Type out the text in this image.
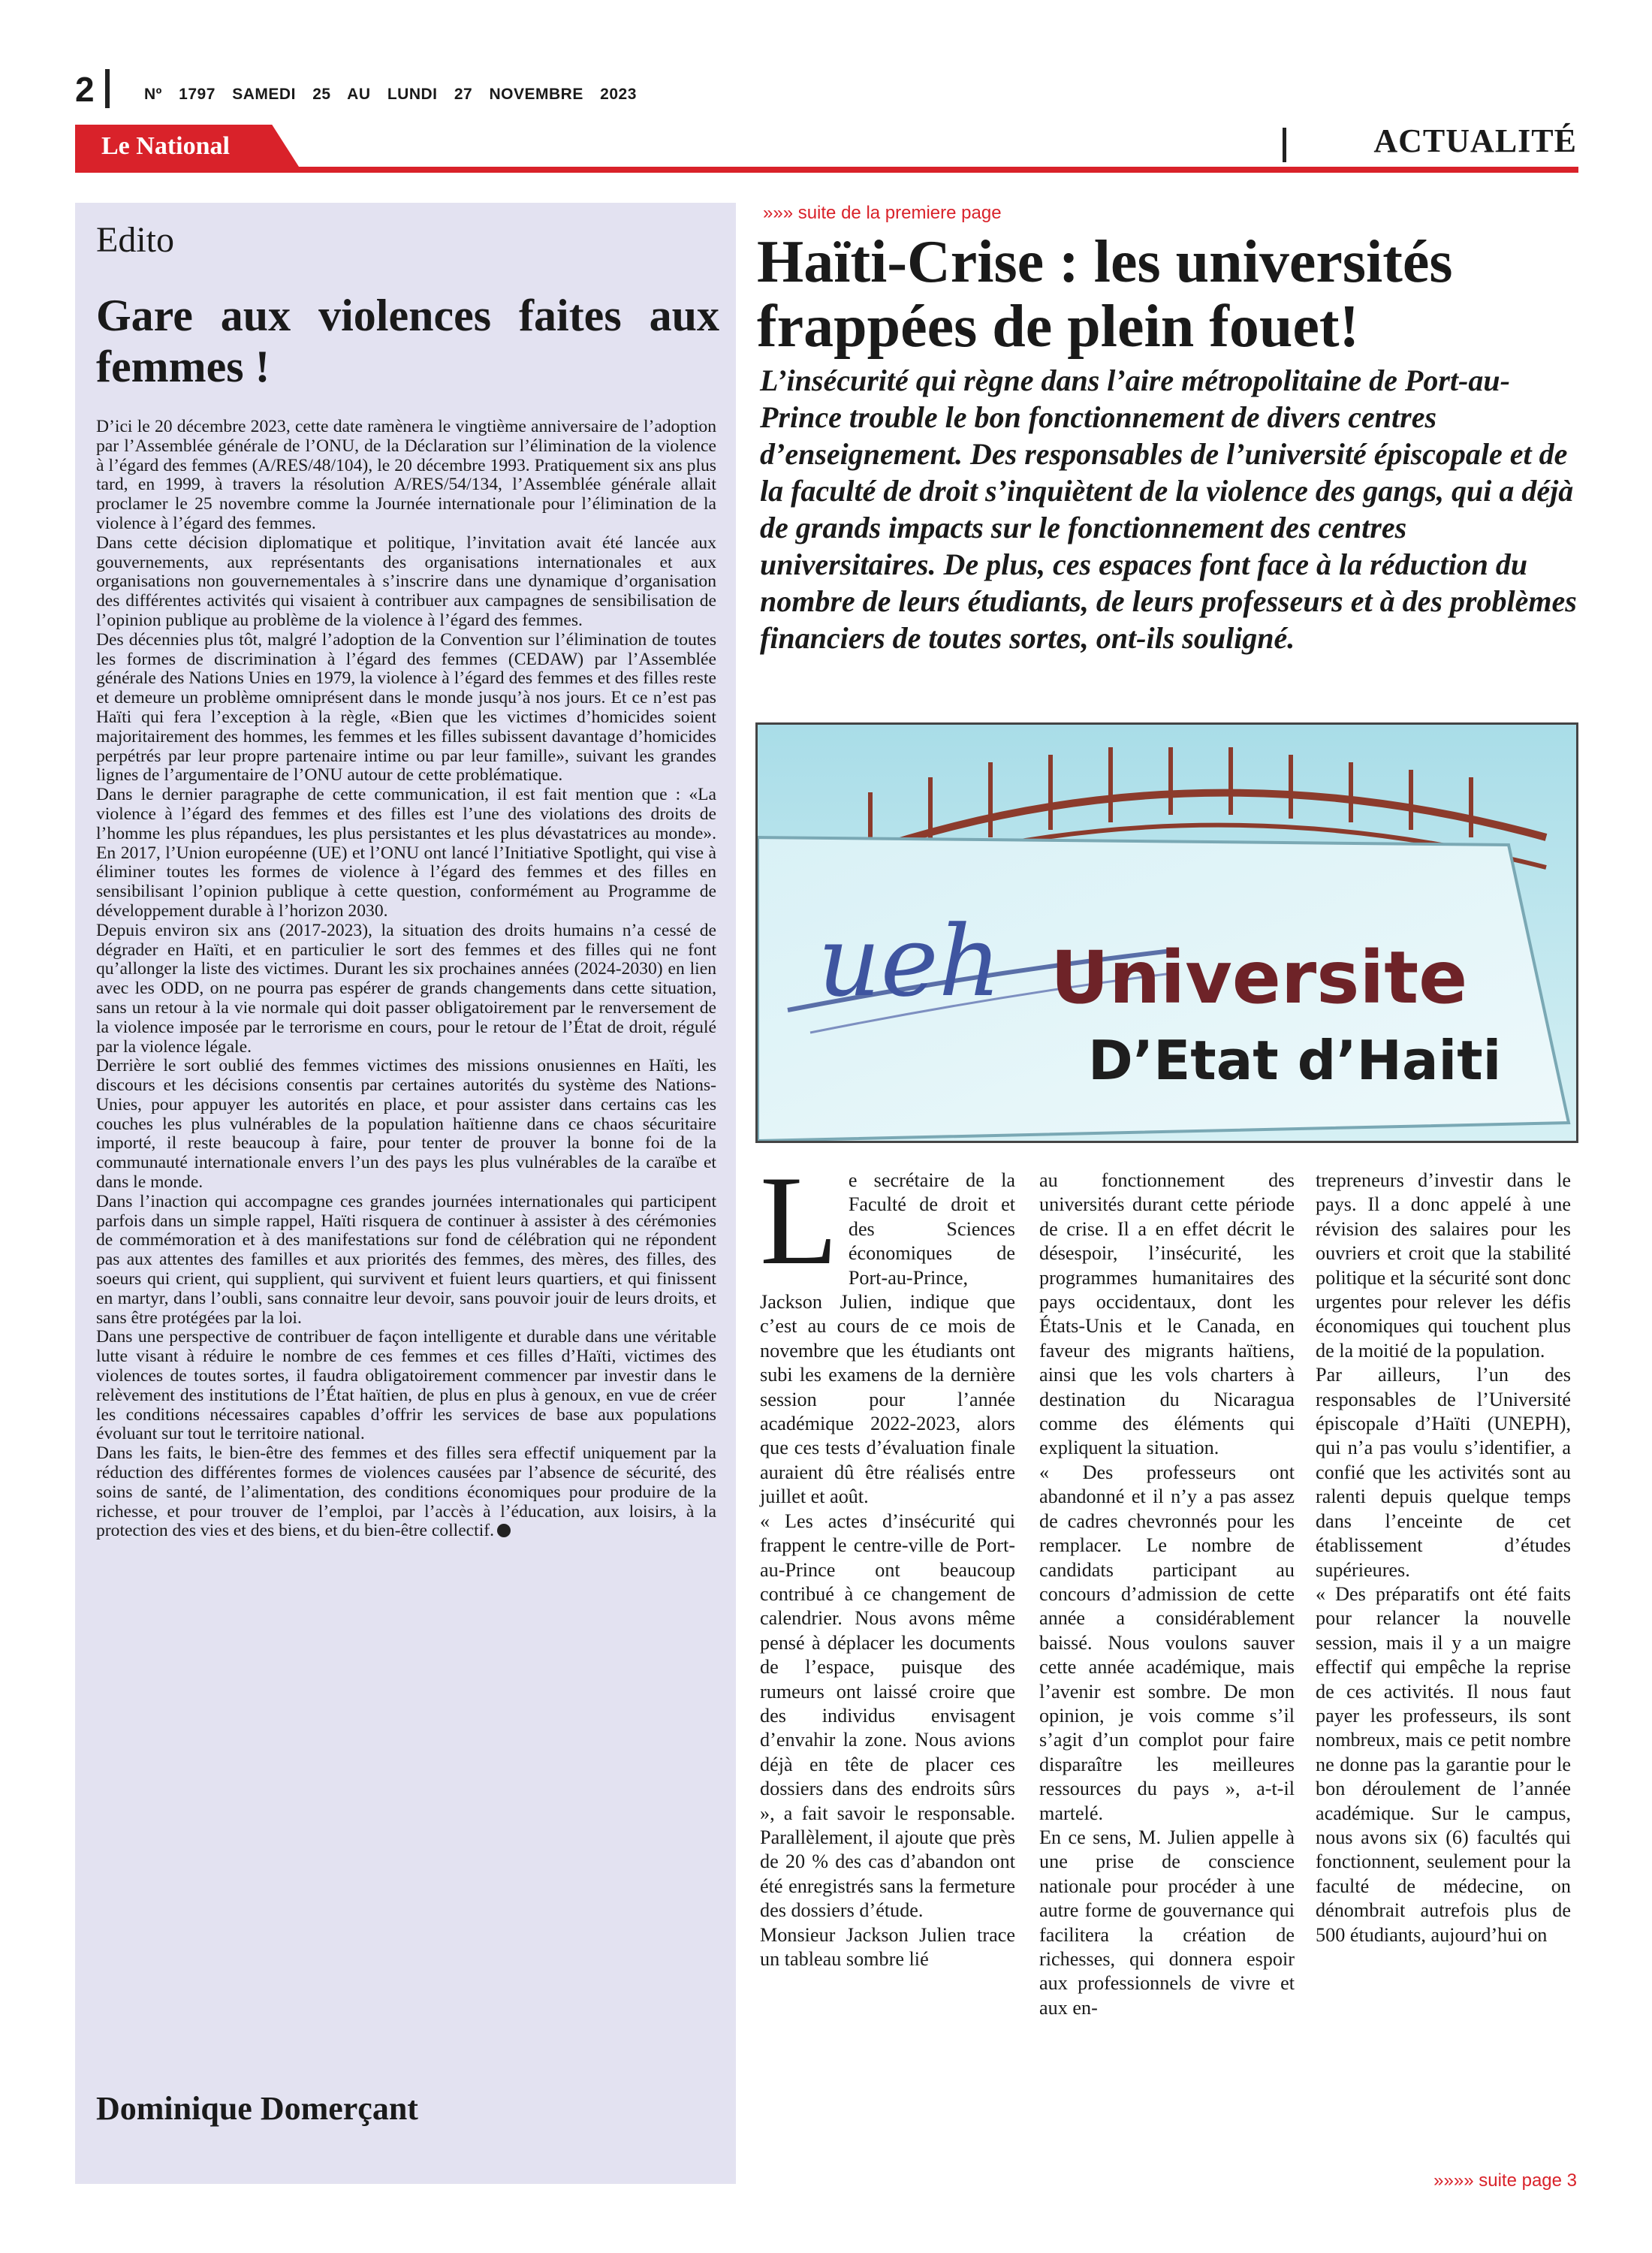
2	Nº 1797 SAMEDI 25 AU LUNDI 27 NOVEMBRE 2023
Le National	ACTUALITÉ
Edito
Gare aux violences faites aux femmes !

D’ici le 20 décembre 2023, cette date ramènera le vingtième anniversaire de l’adoption par l’Assemblée générale de l’ONU, de la Déclaration sur l’élimination de la violence à l’égard des femmes (A/RES/48/104), le 20 décembre 1993. Pratiquement six ans plus tard, en 1999, à travers la résolution A/RES/54/134, l’Assemblée générale allait proclamer le 25 novembre comme la Journée internationale pour l’élimination de la violence à l’égard des femmes.

Dans cette décision diplomatique et politique, l’invitation avait été lancée aux gouvernements, aux représentants des organisations internationales et aux organisations non gouvernementales à s’inscrire dans une dynamique d’organisation des différentes activités qui visaient à contribuer aux campagnes de sensibilisation de l’opinion publique au problème de la violence à l’égard des femmes.

Des décennies plus tôt, malgré l’adoption de la Convention sur l’élimination de toutes les formes de discrimination à l’égard des femmes (CEDAW) par l’Assemblée générale des Nations Unies en 1979, la violence à l’égard des femmes et des filles reste et demeure un problème omniprésent dans le monde jusqu’à nos jours. Et ce n’est pas Haïti qui fera l’exception à la règle, «Bien que les victimes d’homicides soient majoritairement des hommes, les femmes et les filles subissent davantage d’homicides perpétrés par leur propre partenaire intime ou par leur famille», suivant les grandes lignes de l’argumentaire de l’ONU autour de cette problématique.

Dans le dernier paragraphe de cette communication, il est fait mention que : «La violence à l’égard des femmes et des filles est l’une des violations des droits de l’homme les plus répandues, les plus persistantes et les plus dévastatrices au monde». En 2017, l’Union européenne (UE) et l’ONU ont lancé l’Initiative Spotlight, qui vise à éliminer toutes les formes de violence à l’égard des femmes et des filles en sensibilisant l’opinion publique à cette question, conformément au Programme de développement durable à l’horizon 2030.

Depuis environ six ans (2017-2023), la situation des droits humains n’a cessé de dégrader en Haïti, et en particulier le sort des femmes et des filles qui ne font qu’allonger la liste des victimes. Durant les six prochaines années (2024-2030) en lien avec les ODD, on ne pourra pas espérer de grands changements dans cette situation, sans un retour à la vie normale qui doit passer obligatoirement par le renversement de la violence imposée par le terrorisme en cours, pour le retour de l’État de droit, régulé par la violence légale.

Derrière le sort oublié des femmes victimes des missions onusiennes en Haïti, les discours et les décisions consentis par certaines autorités du système des Nations-Unies, pour appuyer les autorités en place, et pour assister dans certains cas les couches les plus vulnérables de la population haïtienne dans ce chaos sécuritaire importé, il reste beaucoup à faire, pour tenter de prouver la bonne foi de la communauté internationale envers l’un des pays les plus vulnérables de la caraïbe et dans le monde.

Dans l’inaction qui accompagne ces grandes journées internationales qui participent parfois dans un simple rappel, Haïti risquera de continuer à assister à des cérémonies de commémoration et à des manifestations sur fond de célébration qui ne répondent pas aux attentes des familles et aux priorités des femmes, des mères, des filles, des soeurs qui crient, qui supplient, qui survivent et fuient leurs quartiers, et qui finissent en martyr, dans l’oubli, sans connaitre leur devoir, sans pouvoir jouir de leurs droits, et sans être protégées par la loi.

Dans une perspective de contribuer de façon intelligente et durable dans une véritable lutte visant à réduire le nombre de ces femmes et ces filles d’Haïti, victimes des violences de toutes sortes, il faudra obligatoirement commencer par investir dans le relèvement des institutions de l’État haïtien, de plus en plus à genoux, en vue de créer les conditions nécessaires capables d’offrir les services de base aux populations évoluant sur tout le territoire national.

Dans les faits, le bien-être des femmes et des filles sera effectif uniquement par la réduction des différentes formes de violences causées par l’absence de sécurité, des soins de santé, de l’alimentation, des conditions économiques pour produire de la richesse, et pour trouver de l’emploi, par l’accès à l’éducation, aux loisirs, à la protection des vies et des biens, et du bien-être collectif.

Dominique Domerçant
»»» suite de la premiere page
Haïti-Crise : les universités frappées de plein fouet!
L’insécurité qui règne dans l’aire métropolitaine de Port-au-Prince trouble le bon fonctionnement de divers centres d’enseignement. Des responsables de l’université épiscopale et de la faculté de droit s’inquiètent de la violence des gangs, qui a déjà de grands impacts sur le fonctionnement des centres universitaires. De plus, ces espaces font face à la réduction du nombre de leurs étudiants, de leurs professeurs et à des problèmes financiers de toutes sortes, ont-ils souligné.
ueh Universite
D’Etat d’Haiti

Le secrétaire de la Faculté de droit et des Sciences économiques de Port-au-Prince, Jackson Julien, indique que c’est au cours de ce mois de novembre que les étudiants ont subi les examens de la dernière session pour l’année académique 2022-2023, alors que ces tests d’évaluation finale auraient dû être réalisés entre juillet et août.

« Les actes d’insécurité qui frappent le centre-ville de Port-au-Prince ont beaucoup contribué à ce changement de calendrier. Nous avons même pensé à déplacer les documents de l’espace, puisque des rumeurs ont laissé croire que des individus envisagent d’envahir la zone. Nous avions déjà en tête de placer ces dossiers dans des endroits sûrs », a fait savoir le responsable. Parallèlement, il ajoute que près de 20 % des cas d’abandon ont été enregistrés sans la fermeture des dossiers d’étude.

Monsieur Jackson Julien trace un tableau sombre lié

au fonctionnement des universités durant cette période de crise. Il a en effet décrit le désespoir, l’insécurité, les programmes humanitaires des pays occidentaux, dont les États-Unis et le Canada, en faveur des migrants haïtiens, ainsi que les vols charters à destination du Nicaragua comme des éléments qui expliquent la situation.

« Des professeurs ont abandonné et il n’y a pas assez de cadres chevronnés pour les remplacer. Le nombre de candidats participant au concours d’admission de cette année a considérablement baissé. Nous voulons sauver cette année académique, mais l’avenir est sombre. De mon opinion, je vois comme s’il s’agit d’un complot pour faire disparaître les meilleures ressources du pays », a-t-il martelé.

En ce sens, M. Julien appelle à une prise de conscience nationale pour procéder à une autre forme de gouvernance qui facilitera la création de richesses, qui donnera espoir aux professionnels de vivre et aux en-

trepreneurs d’investir dans le pays. Il a donc appelé à une révision des salaires pour les ouvriers et croit que la stabilité politique et la sécurité sont donc urgentes pour relever les défis économiques qui touchent plus de la moitié de la population.

Par ailleurs, l’un des responsables de l’Université épiscopale d’Haïti (UNEPH), qui n’a pas voulu s’identifier, a confié que les activités sont au ralenti depuis quelque temps dans l’enceinte de cet établissement d’études supérieures.

« Des préparatifs ont été faits pour relancer la nouvelle session, mais il y a un maigre effectif qui empêche la reprise de ces activités. Il nous faut payer les professeurs, ils sont nombreux, mais ce petit nombre ne donne pas la garantie pour le bon déroulement de l’année académique. Sur le campus, nous avons six (6) facultés qui fonctionnent, seulement pour la faculté de médecine, on dénombrait autrefois plus de 500 étudiants, aujourd’hui on

»»»» suite page 3
